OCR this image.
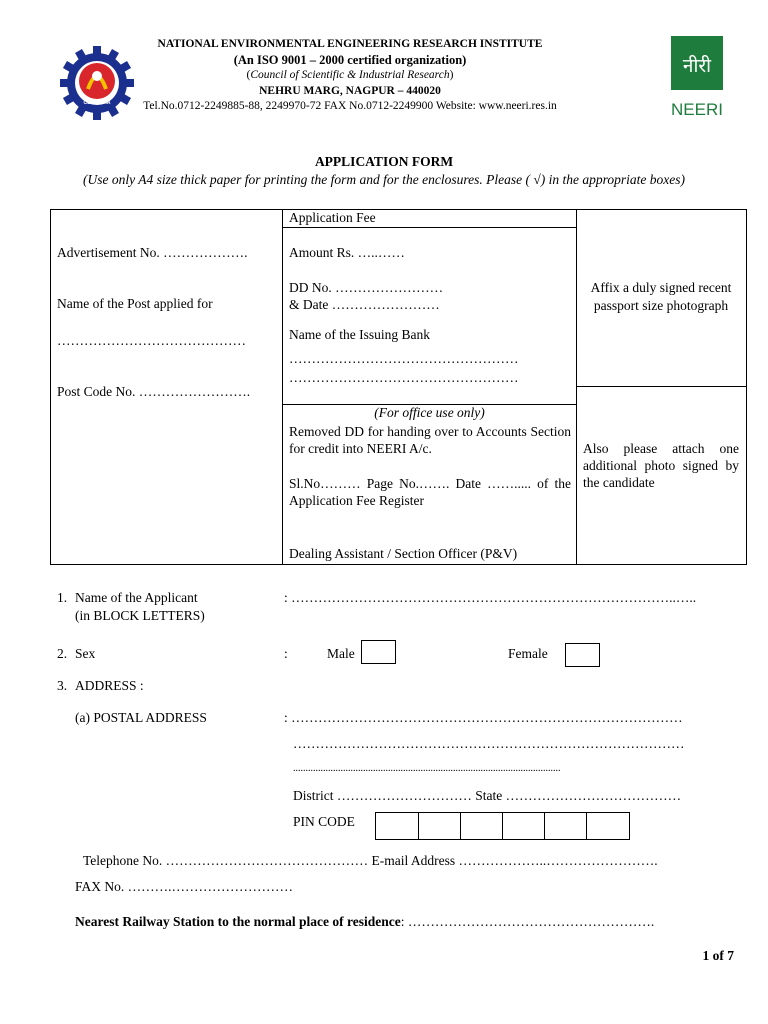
CSIR INDIA
NATIONAL ENVIRONMENTAL ENGINEERING RESEARCH INSTITUTE
(An ISO 9001 – 2000 certified organization)
(Council of Scientific & Industrial Research)
NEHRU MARG, NAGPUR – 440020
Tel.No.0712-2249885-88, 2249970-72 FAX No.0712-2249900 Website: www.neeri.res.in
नीरी
NEERI
APPLICATION FORM
(Use only A4 size thick paper for printing the form and for the enclosures. Please ( √) in the appropriate boxes)
Advertisement No. ……………….
Name of the Post applied for
……………………………………
Post Code No. …………………….
Application Fee
Amount Rs. …..……
DD No. ……………………
& Date ……………………
Name of the Issuing Bank
……………………………………………
……………………………………………
(For office use only)
Removed DD for handing over to Accounts Section for credit into NEERI A/c.
Sl.No……… Page No.……. Date ……..... of the Application Fee Register
Dealing Assistant / Section Officer (P&V)
Affix a duly signed recent passport size photograph
Also please attach one additional photo signed by the candidate
1. Name of the Applicant
(in BLOCK LETTERS)
: …………………………………………………………………………..…..
2. Sex	:	Male	Female
3. ADDRESS :
(a) POSTAL ADDRESS	: ……………………………………………………………………………
……………………………………………………………………………
...........................................................................................................
District ………………………… State …………………………………
PIN CODE
Telephone No. ……………………………………… E-mail Address ………………..…………………….
FAX No. ……….………………………
Nearest Railway Station to the normal place of residence: ……………………………………………….
1 of 7
